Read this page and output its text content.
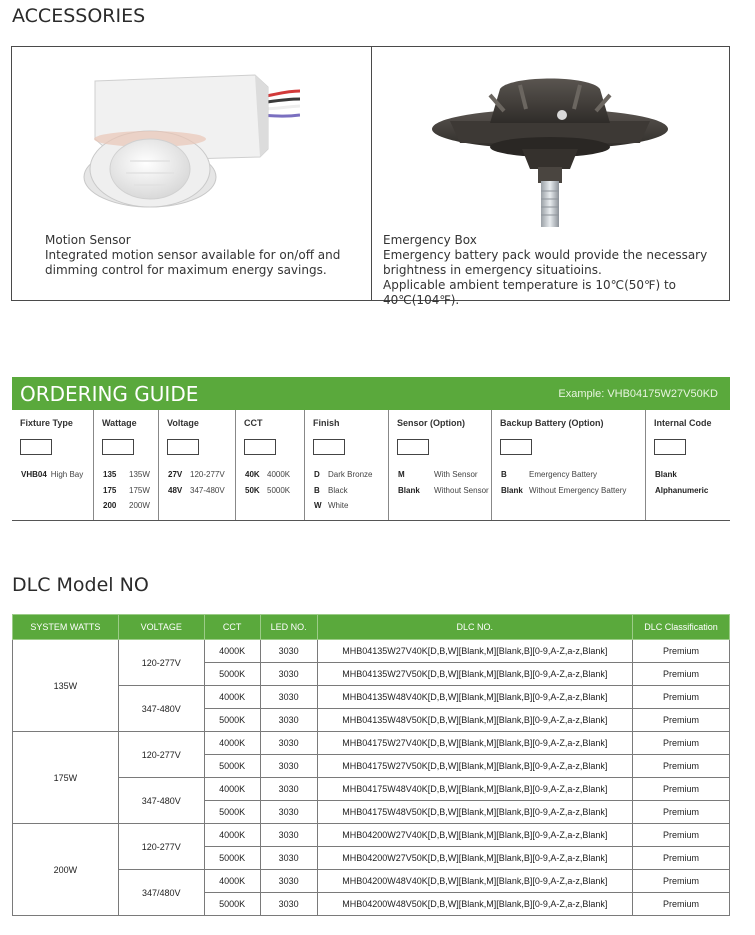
ACCESSORIES
Motion Sensor
Integrated motion sensor available for on/off and
dimming control for maximum energy savings.
Emergency Box
Emergency battery pack would provide the necessary
brightness in emergency situatioins.
Applicable ambient temperature is 10℃(50℉) to 40℃(104℉).
ORDERING GUIDE	Example: VHB04175W27V50KD
Fixture Type
VHB04 High Bay
Wattage
135 135W
175 175W
200 200W
Voltage
27V 120-277V
48V 347-480V
CCT
40K 4000K
50K 5000K
Finish
D Dark Bronze
B Black
W White
Sensor (Option)
M	With Sensor
Blank Without Sensor
Backup Battery (Option)
B	Emergency Battery
Blank Without Emergency Battery
Internal Code
Blank
Alphanumeric
DLC Model NO
SYSTEM WATTS	VOLTAGE	CCT	LED NO.	DLC NO.	DLC Classification
135W	120-277V	4000K	3030	MHB04135W27V40K[D,B,W][Blank,M][Blank,B][0-9,A-Z,a-z,Blank]	Premium
		5000K	3030	MHB04135W27V50K[D,B,W][Blank,M][Blank,B][0-9,A-Z,a-z,Blank]	Premium
	347-480V	4000K	3030	MHB04135W48V40K[D,B,W][Blank,M][Blank,B][0-9,A-Z,a-z,Blank]	Premium
		5000K	3030	MHB04135W48V50K[D,B,W][Blank,M][Blank,B][0-9,A-Z,a-z,Blank]	Premium
175W	120-277V	4000K	3030	MHB04175W27V40K[D,B,W][Blank,M][Blank,B][0-9,A-Z,a-z,Blank]	Premium
		5000K	3030	MHB04175W27V50K[D,B,W][Blank,M][Blank,B][0-9,A-Z,a-z,Blank]	Premium
	347-480V	4000K	3030	MHB04175W48V40K[D,B,W][Blank,M][Blank,B][0-9,A-Z,a-z,Blank]	Premium
		5000K	3030	MHB04175W48V50K[D,B,W][Blank,M][Blank,B][0-9,A-Z,a-z,Blank]	Premium
200W	120-277V	4000K	3030	MHB04200W27V40K[D,B,W][Blank,M][Blank,B][0-9,A-Z,a-z,Blank]	Premium
		5000K	3030	MHB04200W27V50K[D,B,W][Blank,M][Blank,B][0-9,A-Z,a-z,Blank]	Premium
	347/480V	4000K	3030	MHB04200W48V40K[D,B,W][Blank,M][Blank,B][0-9,A-Z,a-z,Blank]	Premium
		5000K	3030	MHB04200W48V50K[D,B,W][Blank,M][Blank,B][0-9,A-Z,a-z,Blank]	Premium
